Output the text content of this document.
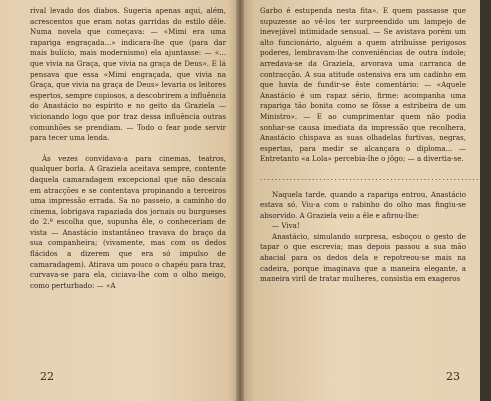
rival levado dos diabos. Sugeria apenas aqui, além, acrescentos que eram notas garridas do estilo dêle. Numa novela que começava: — «Mimi era uma rapariga engraçada...» indicara-lhe que (para dar mais bulício, mais modernismo) ela ajuntasse: — «... que vivia na Graça, que vivia na graça de Deus». E lá pensava que essa «Mimi engraçada, que vivia na Graça, que vivia na graça de Deus» levaria os leitores espertos, sempre copiosos, a descobrirem a influência do Anastácio no espírito e no geito da Graziela — vicionando logo que por traz dessa influência outras comunhões se prendiam. — Todo o fear pode servir para tecer uma lenda.

Às vezes convidava-a para cinemas, teatros, qualquer borla. A Graziela aceitava sempre, contente daquela camaradagem excepcional que não descaía em atracções e se contentava propinando a terceiros uma impressão errada. Sa no passeio, a caminho do cinema, lobrigava rapaziada dos jornais ou burgueses do 2.º escolha que, supunha êle, o conheceriam de vista — Anastácio instantâneo travava do braço da sua companheira; (vivamente, mas com os dedos flácidos a dizerem que era só impulso de camaradagem). Atirava um pouco o chapéu para traz, curvava-se para ela, ciciava-lhe com o olho meigo, como perturbado: — «A

22

Garbo é estupenda nesta fita». E quem passasse que supuzesse ao vê-los ter surpreendido um lampejo de inevejável intimidade sensual. — Se avistava porém um alto funcionário, alguém a quem atribuísse perigosos poderes, lembravam-lhe conveniências de outra índole; arredava-se da Graziela, arvorava uma carranca de contracção. A sua atitude ostensiva era um cadinho em que havia de fundir-se êste comentário: — «Aquele Anastácio é um rapaz sério, firme: acompanha uma rapariga tão bonita como se fôsse a estribeira de um Ministro». — E ao cumprimentar quem não podia sonhar-se causa imediata da impressão que recolhera, Anastácio chispava as suas olhadelas furtivas, negras, espertas, para medir se alcançara o diploma... — Entretanto «a Lola» percebia-lhe o jôgo; — a divertia-se.

..............................................................

Naquela tarde, quando a rapariga entrou, Anastácio estava só. Viu-a com o rabinho do olho mas fingiu-se absorvido. A Graziela veio a êle e afirou-lhe:

— Viva!

Anastácio, simulando surpresa, esboçou o gesto de tapar o que escrevia; mas depois passou a sua mão abacial para os dedos dela e repotreou-se mais na cadeira, porque imaginava que a maneira elegante, a maneira viril de tratar mulheres, consistia em exageros

23
